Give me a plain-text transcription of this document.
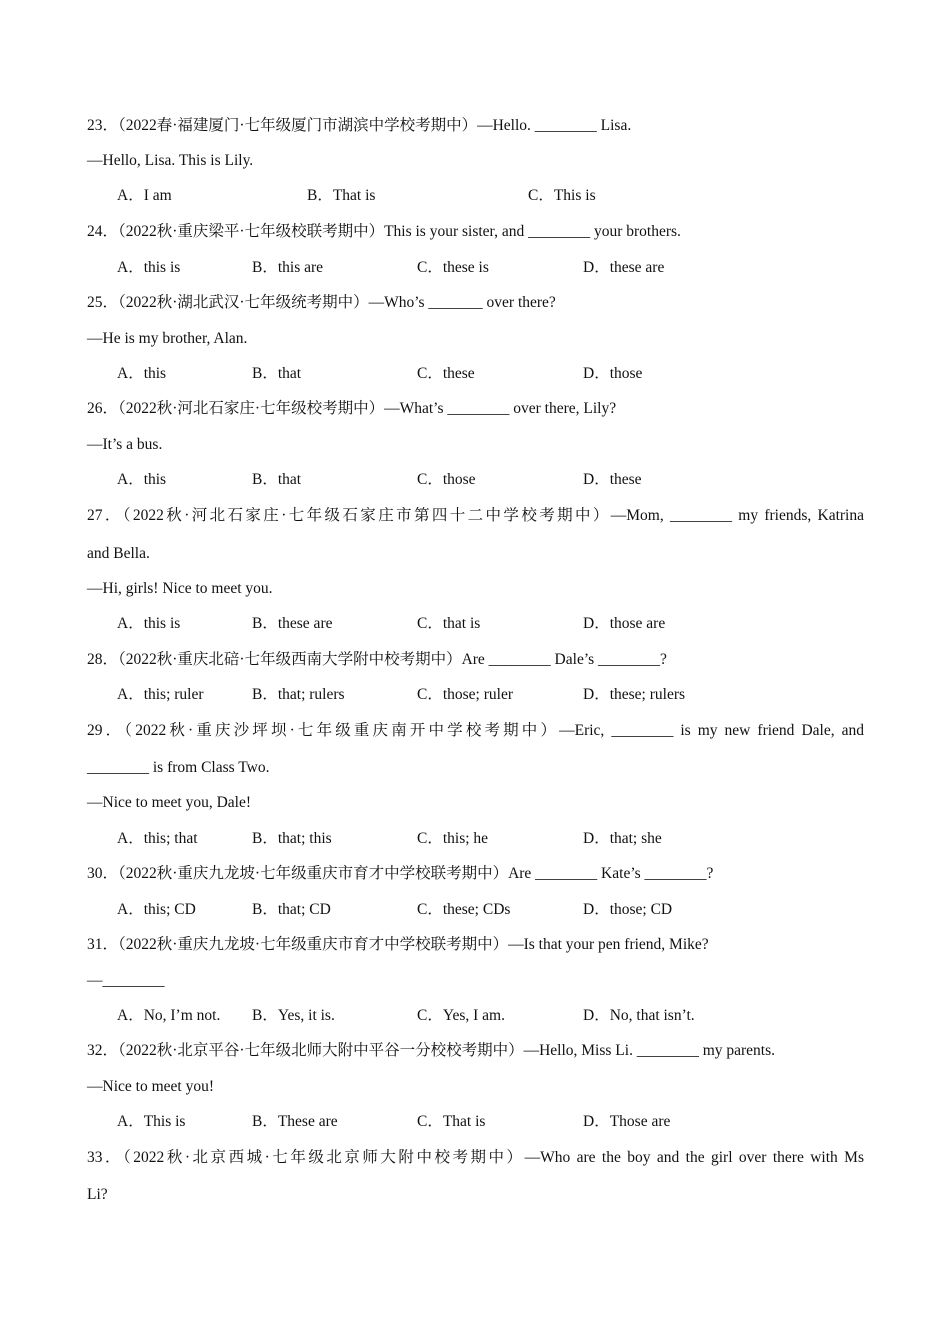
23．（2022春·福建厦门·七年级厦门市湖滨中学校考期中）—Hello. ________ Lisa.
—Hello, Lisa. This is Lily.
A．I am	B．That is	C．This is
24．（2022秋·重庆梁平·七年级校联考期中）This is your sister, and ________ your brothers.
A．this is	B．this are	C．these is	D．these are
25．（2022秋·湖北武汉·七年级统考期中）—Who’s _______ over there?
—He is my brother, Alan.
A．this	B．that	C．these	D．those
26．（2022秋·河北石家庄·七年级校考期中）—What’s ________ over there, Lily?
—It’s a bus.
A．this	B．that	C．those	D．these
27．（2022秋·河北石家庄·七年级石家庄市第四十二中学校考期中）—Mom, ________ my friends, Katrina
and Bella.
—Hi, girls! Nice to meet you.
A．this is	B．these are	C．that is	D．those are
28．（2022秋·重庆北碚·七年级西南大学附中校考期中）Are ________ Dale’s ________?
A．this; ruler	B．that; rulers	C．those; ruler	D．these; rulers
29．（2022秋·重庆沙坪坝·七年级重庆南开中学校考期中）—Eric, ________ is my new friend Dale, and
________ is from Class Two.
—Nice to meet you, Dale!
A．this; that	B．that; this	C．this; he	D．that; she
30．（2022秋·重庆九龙坡·七年级重庆市育才中学校联考期中）Are ________ Kate’s ________?
A．this; CD	B．that; CD	C．these; CDs	D．those; CD
31．（2022秋·重庆九龙坡·七年级重庆市育才中学校联考期中）—Is that your pen friend, Mike?
—________
A．No, I’m not. B．Yes, it is.	C．Yes, I am.	D．No, that isn’t.
32．（2022秋·北京平谷·七年级北师大附中平谷一分校校考期中）—Hello, Miss Li. ________ my parents.
—Nice to meet you!
A．This is	B．These are	C．That is	D．Those are
33．（2022秋·北京西城·七年级北京师大附中校考期中）—Who are the boy and the girl over there with Ms
Li?
